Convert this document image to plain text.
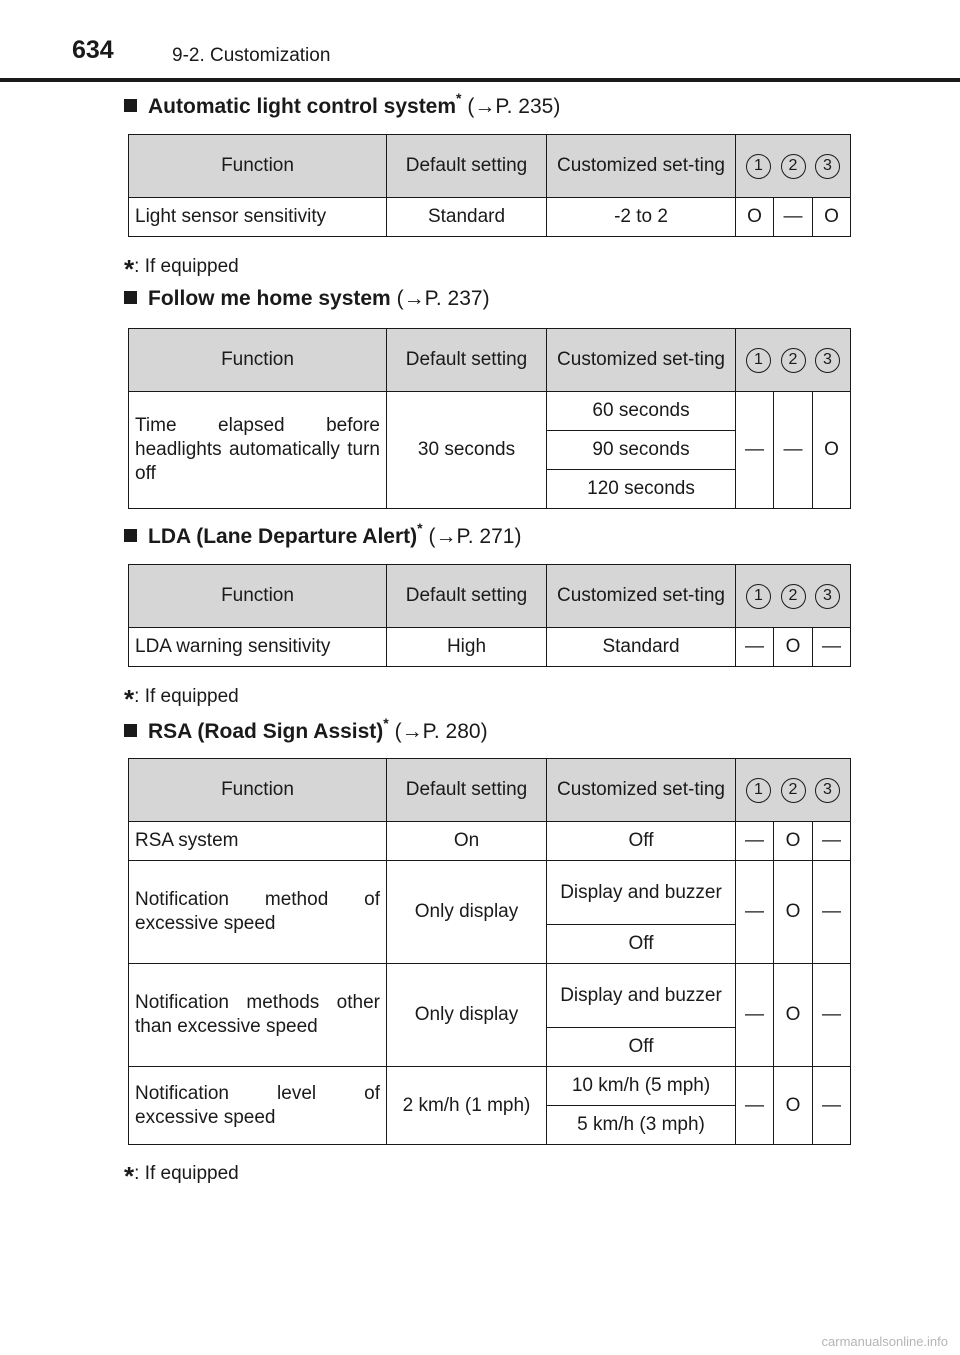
634	9-2. Customization
Automatic light control system* (→P. 235)
Function	Default setting	Customized set-ting	1 2 3		

Light sensor sensitivity	Standard	-2 to 2	O	—	O
*: If equipped
Follow me home system (→P. 237)
Function	Default setting	Customized set-ting	1 2 3		

Time elapsed before headlights automatically turn off	30 seconds	60 seconds	—	—	O
		90 seconds			
		120 seconds			
LDA (Lane Departure Alert)* (→P. 271)
Function	Default setting	Customized set-ting	1 2 3		

LDA warning sensitivity	High	Standard	—	O	—
*: If equipped
RSA (Road Sign Assist)* (→P. 280)
Function	Default setting	Customized set-ting	1 2 3		

RSA system	On	Off	—	O	—
Notification method of excessive speed	Only display	Display and buzzer	—	O	—
		Off			
Notification methods other than excessive speed	Only display	Display and buzzer	—	O	—
		Off			
Notification level of excessive speed	2 km/h (1 mph)	10 km/h (5 mph)	—	O	—
		5 km/h (3 mph)			
*: If equipped
carmanualsonline.info
